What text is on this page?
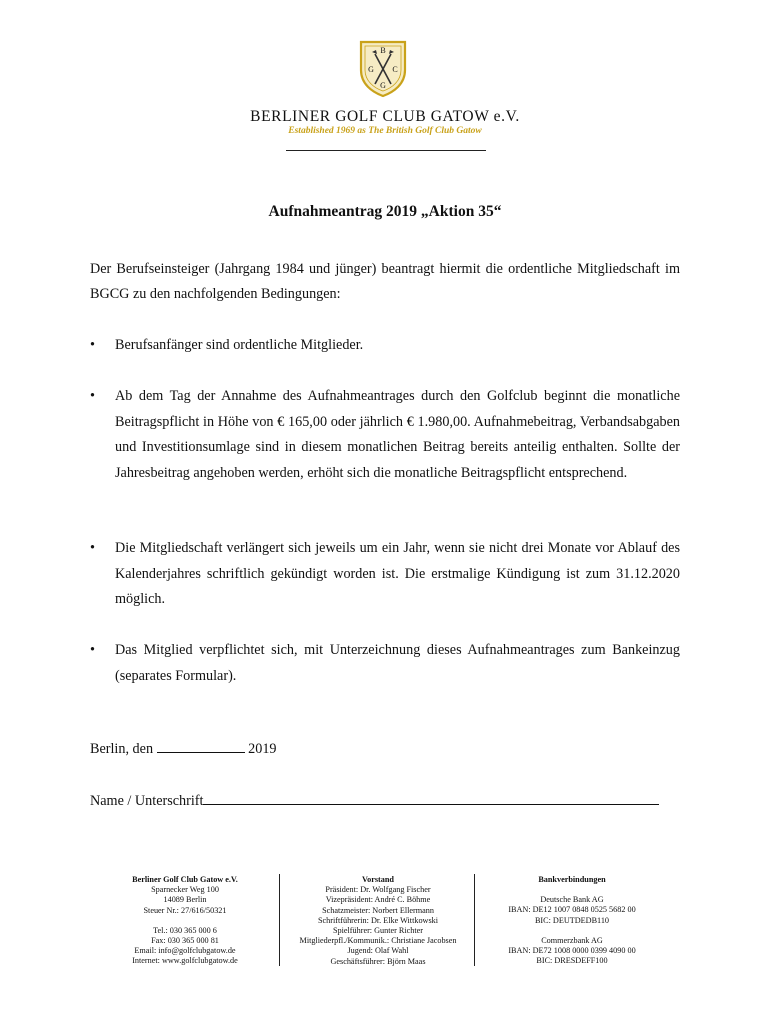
B
G C
G
BERLINER GOLF CLUB GATOW e.V.
Established 1969 as The British Golf Club Gatow
Aufnahmeantrag 2019 „Aktion 35“
Der Berufseinsteiger (Jahrgang 1984 und jünger) beantragt hiermit die ordentliche Mitgliedschaft im BGCG zu den nachfolgenden Bedingungen:
•	Berufsanfänger sind ordentliche Mitglieder.
•	Ab dem Tag der Annahme des Aufnahmeantrages durch den Golfclub beginnt die monatliche Beitragspflicht in Höhe von € 165,00 oder jährlich € 1.980,00. Aufnahmebeitrag, Verbandsabgaben und Investitionsumlage sind in diesem monatlichen Beitrag bereits anteilig enthalten. Sollte der Jahresbeitrag angehoben werden, erhöht sich die monatliche Beitragspflicht entsprechend.
•	Die Mitgliedschaft verlängert sich jeweils um ein Jahr, wenn sie nicht drei Monate vor Ablauf des Kalenderjahres schriftlich gekündigt worden ist. Die erstmalige Kündigung ist zum 31.12.2020 möglich.
•	Das Mitglied verpflichtet sich, mit Unterzeichnung dieses Aufnahmeantrages zum Bankeinzug (separates Formular).
Berlin, den	2019
Name / Unterschrift
Berliner Golf Club Gatow e.V.
Sparnecker Weg 100
14089 Berlin
Steuer Nr.: 27/616/50321
Tel.: 030 365 000 6
Fax: 030 365 000 81
Email: info@golfclubgatow.de
Internet: www.golfclubgatow.de
Vorstand
Präsident: Dr. Wolfgang Fischer
Vizepräsident: André C. Böhme
Schatzmeister: Norbert Ellermann
Schriftführerin: Dr. Elke Wittkowski
Spielführer: Gunter Richter
Mitgliederpfl./Kommunik.: Christiane Jacobsen
Jugend: Olaf Wahl
Geschäftsführer: Björn Maas
Bankverbindungen
Deutsche Bank AG
IBAN: DE12 1007 0848 0525 5682 00
BIC: DEUTDEDB110
Commerzbank AG
IBAN: DE72 1008 0000 0399 4090 00
BIC: DRESDEFF100
